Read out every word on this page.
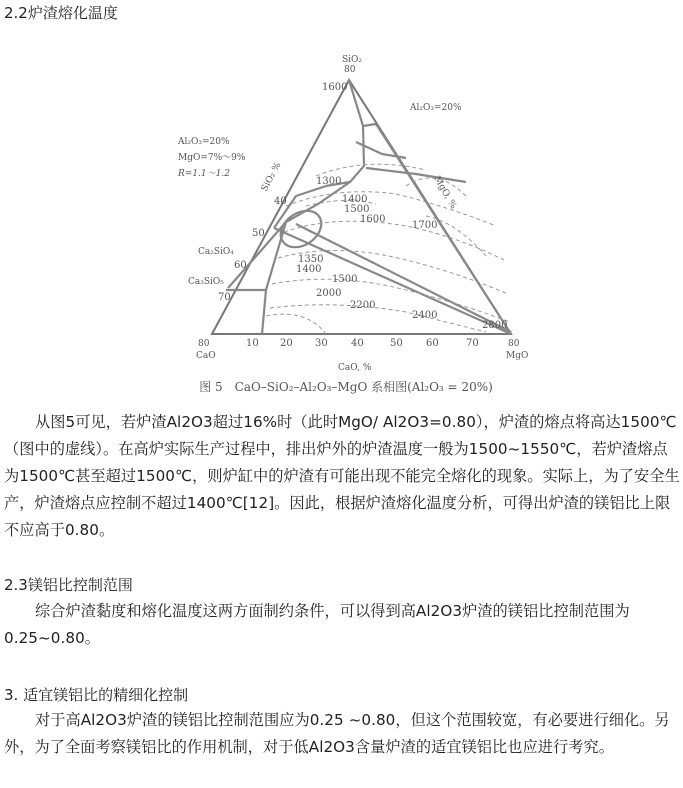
2.2炉渣熔化温度
SiO₂
80
Al₂O₃=20%
Al₂O₃=20%
MgO=7%～9%
R=1.1～1.2	SiO₂ %	MgO, %
40
50
60
70
Ca₂SiO₄
Ca₃SiO₅
1600
1300
1400
1500
1600
1700
1350
1400
1500
2000
2200
2400
2800
80
CaO
80
MgO
10 20 30 40	50 60	70
CaO, %
图 5　CaO–SiO₂–Al₂O₃–MgO 系相图(Al₂O₃ = 20%)
从图5可见，若炉渣Al2O3超过16%时（此时MgO/ Al2O3=0.80），炉渣的熔点将高达1500℃（图中的虚线）。在高炉实际生产过程中，排出炉外的炉渣温度一般为1500~1550℃，若炉渣熔点为1500℃甚至超过1500℃，则炉缸中的炉渣有可能出现不能完全熔化的现象。实际上，为了安全生产，炉渣熔点应控制不超过1400℃[12]。因此，根据炉渣熔化温度分析，可得出炉渣的镁铝比上限不应高于0.80。
2.3镁铝比控制范围
综合炉渣黏度和熔化温度这两方面制约条件，可以得到高Al2O3炉渣的镁铝比控制范围为0.25~0.80。
3. 适宜镁铝比的精细化控制
对于高Al2O3炉渣的镁铝比控制范围应为0.25 ~0.80，但这个范围较宽，有必要进行细化。另外，为了全面考察镁铝比的作用机制，对于低Al2O3含量炉渣的适宜镁铝比也应进行考究。
